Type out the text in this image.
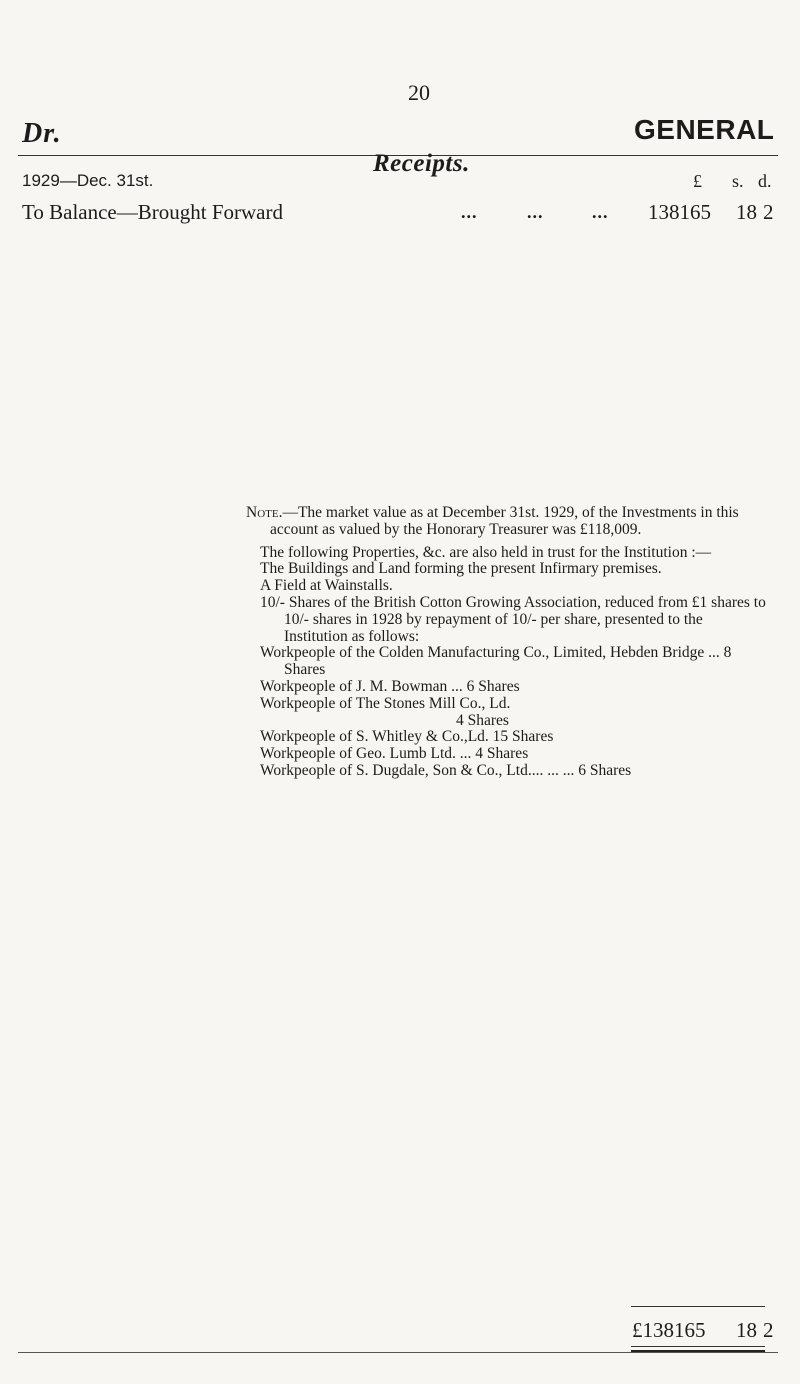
20
Dr.	GENERAL
Receipts.
1929—Dec. 31st.	£ s. d.
To Balance—Brought Forward	...	...	... 138165 18 2

Note.—The market value as at December 31st. 1929, of the Investments in this account as valued by the Honorary Treasurer was £118,009.

The following Properties, &c. are also held in trust for the Institution :—

The Buildings and Land forming the present Infirmary premises.

A Field at Wainstalls.

10/- Shares of the British Cotton Growing Association, reduced from £1 shares to 10/- shares in 1928 by repayment of 10/- per share, presented to the Institution as follows:

Workpeople of the Colden Manufacturing Co., Limited, Hebden Bridge ... 8 Shares

Workpeople of J. M. Bowman ... 6 Shares

Workpeople of The Stones Mill Co., Ld.

4 Shares

Workpeople of S. Whitley & Co.,Ld. 15 Shares

Workpeople of Geo. Lumb Ltd. ... 4 Shares

Workpeople of S. Dugdale, Son & Co., Ltd.... ... ... 6 Shares

£138165 18 2
